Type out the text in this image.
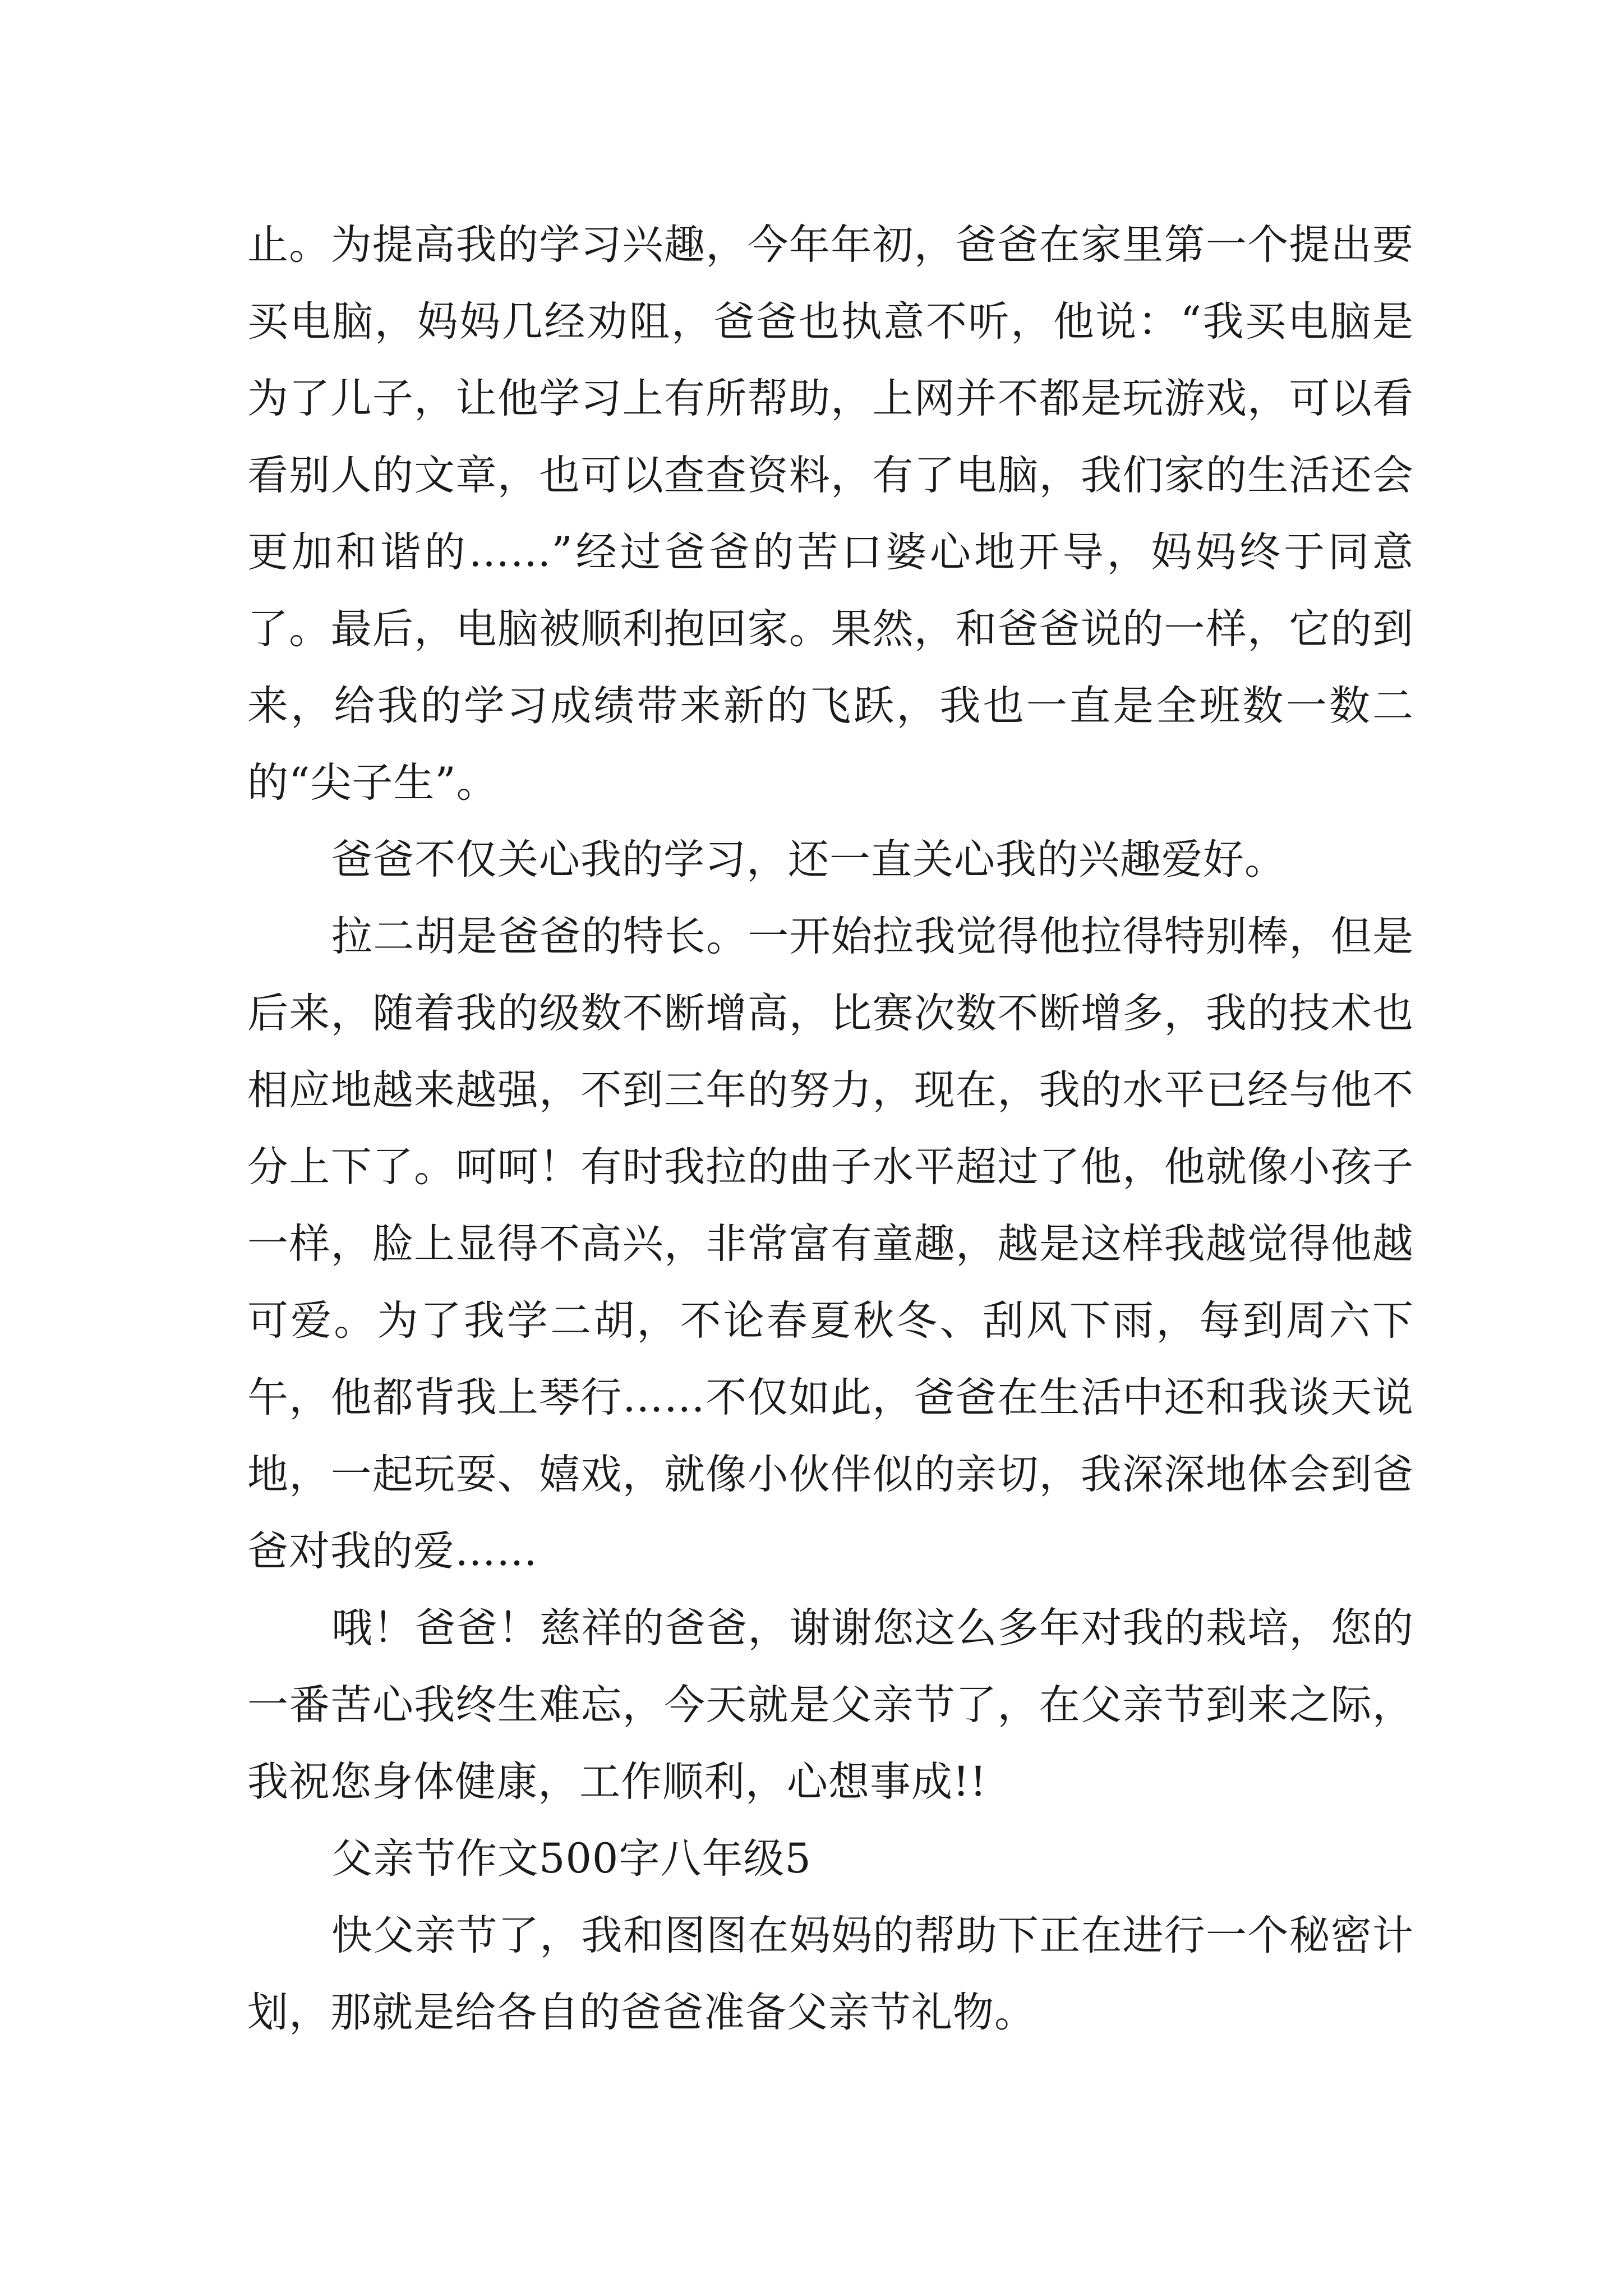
止。为提高我的学习兴趣，今年年初，爸爸在家里第一个提出要买电脑，妈妈几经劝阻，爸爸也执意不听，他说：“我买电脑是为了儿子，让他学习上有所帮助，上网并不都是玩游戏，可以看看别人的文章，也可以查查资料，有了电脑，我们家的生活还会更加和谐的……”经过爸爸的苦口婆心地开导，妈妈终于同意了。最后，电脑被顺利抱回家。果然，和爸爸说的一样，它的到来，给我的学习成绩带来新的飞跃，我也一直是全班数一数二的“尖子生”。

爸爸不仅关心我的学习，还一直关心我的兴趣爱好。

拉二胡是爸爸的特长。一开始拉我觉得他拉得特别棒，但是后来，随着我的级数不断增高，比赛次数不断增多，我的技术也相应地越来越强，不到三年的努力，现在，我的水平已经与他不分上下了。呵呵！有时我拉的曲子水平超过了他，他就像小孩子一样，脸上显得不高兴，非常富有童趣，越是这样我越觉得他越可爱。为了我学二胡，不论春夏秋冬、刮风下雨，每到周六下午，他都背我上琴行……不仅如此，爸爸在生活中还和我谈天说地，一起玩耍、嬉戏，就像小伙伴似的亲切，我深深地体会到爸爸对我的爱……

哦！爸爸！慈祥的爸爸，谢谢您这么多年对我的栽培，您的一番苦心我终生难忘，今天就是父亲节了，在父亲节到来之际，我祝您身体健康，工作顺利，心想事成!!

父亲节作文500字八年级5

快父亲节了，我和图图在妈妈的帮助下正在进行一个秘密计划，那就是给各自的爸爸准备父亲节礼物。
